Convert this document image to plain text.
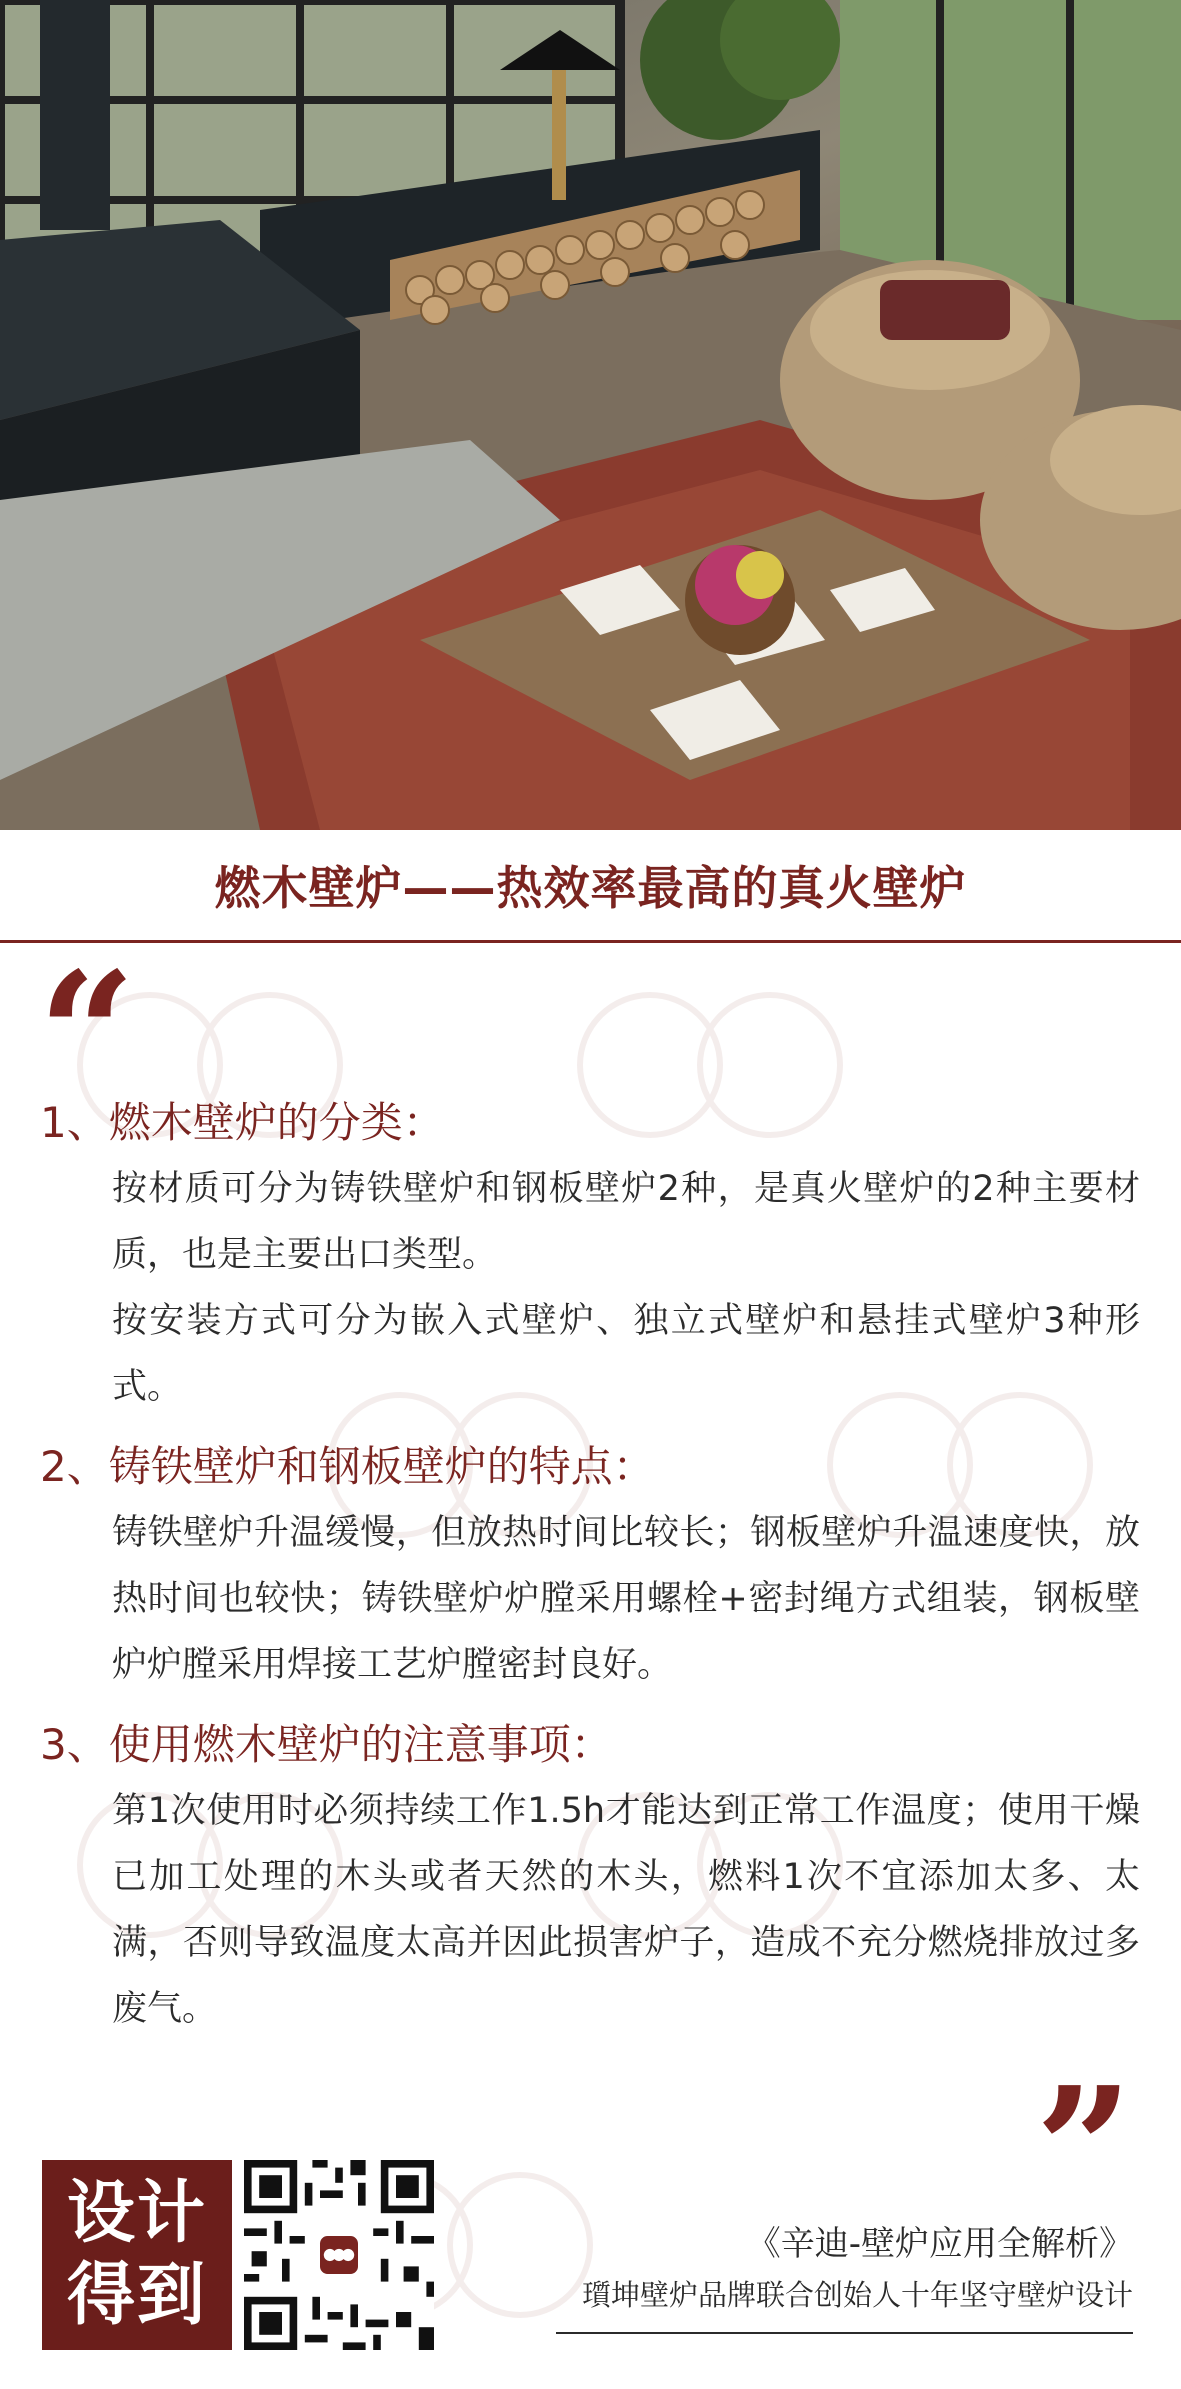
燃木壁炉——热效率最高的真火壁炉
“
1、燃木壁炉的分类：
按材质可分为铸铁壁炉和钢板壁炉2种，是真火壁炉的2种主要材质，也是主要出口类型。
按安装方式可分为嵌入式壁炉、独立式壁炉和悬挂式壁炉3种形式。
2、铸铁壁炉和钢板壁炉的特点：
铸铁壁炉升温缓慢，但放热时间比较长；钢板壁炉升温速度快，放热时间也较快；铸铁壁炉炉膛采用螺栓+密封绳方式组装，钢板壁炉炉膛采用焊接工艺炉膛密封良好。
3、使用燃木壁炉的注意事项：
第1次使用时必须持续工作1.5h才能达到正常工作温度；使用干燥已加工处理的木头或者天然的木头，燃料1次不宜添加太多、太满，否则导致温度太高并因此损害炉子，造成不充分燃烧排放过多废气。
”
设计
得到
《辛迪-壁炉应用全解析》
瓆坤壁炉品牌联合创始人十年坚守壁炉设计
